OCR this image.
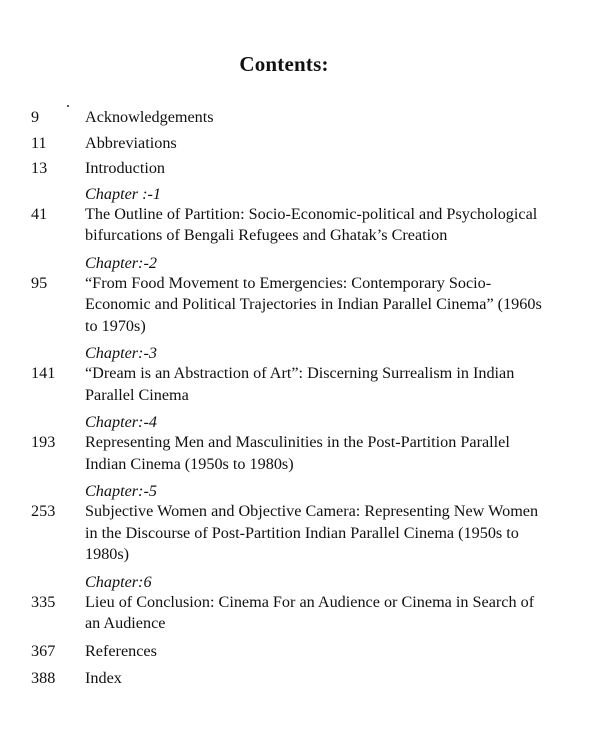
Contents:
9	Acknowledgements
11	Abbreviations
13	Introduction
Chapter :-1
41	The Outline of Partition: Socio-Economic-political and Psychological bifurcations of Bengali Refugees and Ghatak’s Creation
Chapter:-2
95	“From Food Movement to Emergencies: Contemporary Socio-Economic and Political Trajectories in Indian Parallel Cinema” (1960s to 1970s)
Chapter:-3
141	“Dream is an Abstraction of Art”: Discerning Surrealism in Indian Parallel Cinema
Chapter:-4
193	Representing Men and Masculinities in the Post-Partition Parallel Indian Cinema (1950s to 1980s)
Chapter:-5
253	Subjective Women and Objective Camera: Representing New Women in the Discourse of Post-Partition Indian Parallel Cinema (1950s to 1980s)
Chapter:6
335	Lieu of Conclusion: Cinema For an Audience or Cinema in Search of an Audience
367	References
388	Index
